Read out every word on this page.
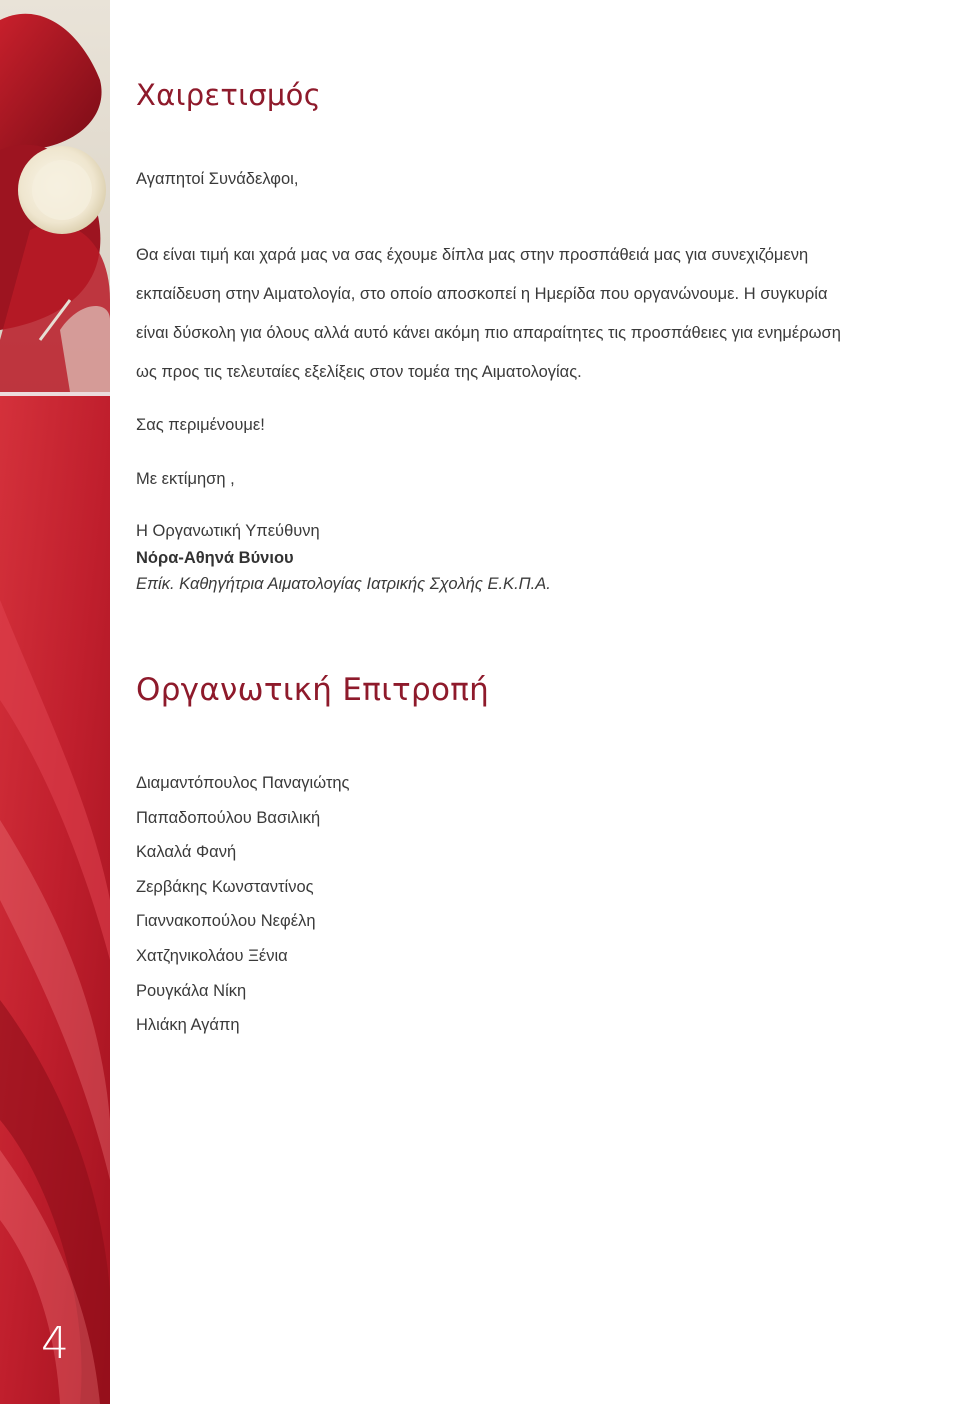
4
Χαιρετισμός
Αγαπητοί Συνάδελφοι,
Θα είναι τιμή και χαρά μας να σας έχουμε δίπλα μας στην προσπάθειά μας για συνεχιζόμενη εκπαίδευση στην Αιματολογία, στο οποίο αποσκοπεί η Ημερίδα που οργανώνουμε. Η συγκυρία είναι δύσκολη για όλους αλλά αυτό κάνει ακόμη πιο απαραίτητες τις προσπάθειες για ενημέρωση ως προς τις τελευταίες εξελίξεις στον τομέα της Αιματολογίας.
Σας περιμένουμε!
Με εκτίμηση ,
Η Οργανωτική Υπεύθυνη
Νόρα-Αθηνά Βύνιου
Επίκ. Καθηγήτρια Αιματολογίας Ιατρικής Σχολής Ε.Κ.Π.Α.
Οργανωτική Επιτροπή
Διαμαντόπουλος Παναγιώτης
Παπαδοπούλου Βασιλική
Καλαλά Φανή
Ζερβάκης Κωνσταντίνος
Γιαννακοπούλου Νεφέλη
Χατζηνικολάου Ξένια
Ρουγκάλα Νίκη
Ηλιάκη Αγάπη
